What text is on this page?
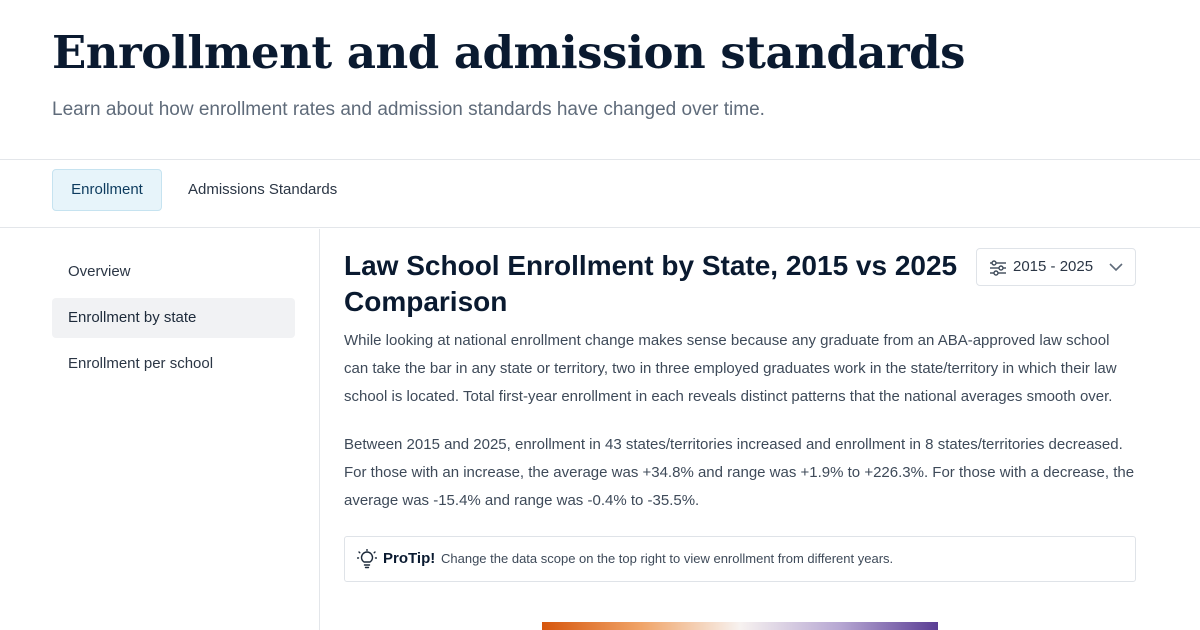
Enrollment and admission standards

Learn about how enrollment rates and admission standards have changed over time.

Enrollment	Admissions Standards
Overview
Enrollment by state
Enrollment per school
Law School Enrollment by State, 2015 vs 2025 Comparison
2015 - 2025

While looking at national enrollment change makes sense because any graduate from an ABA-approved law school can take the bar in any state or territory, two in three employed graduates work in the state/territory in which their law school is located. Total first-year enrollment in each reveals distinct patterns that the national averages smooth over.

Between 2015 and 2025, enrollment in 43 states/territories increased and enrollment in 8 states/territories decreased. For those with an increase, the average was +34.8% and range was +1.9% to +226.3%. For those with a decrease, the average was -15.4% and range was -0.4% to -35.5%.

ProTip! Change the data scope on the top right to view enrollment from different years.
